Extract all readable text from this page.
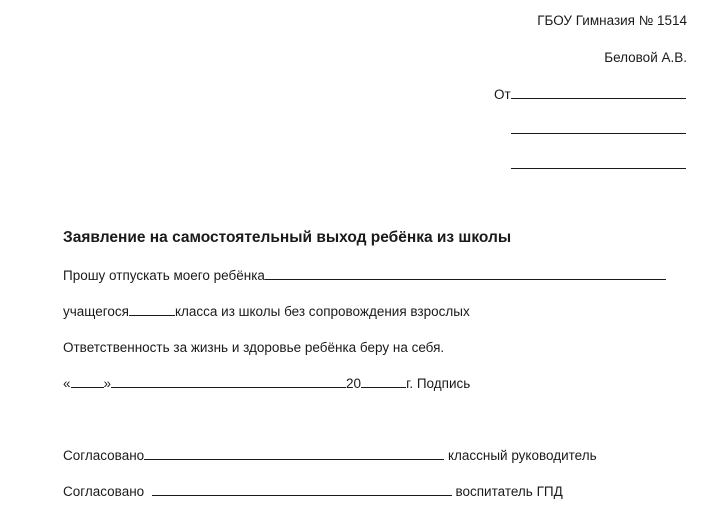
ГБОУ Гимназия № 1514
Беловой А.В.
От
Заявление на самостоятельный выход ребёнка из школы
Прошу отпускать моего ребёнка
учащегося	класса из школы без сопровождения взрослых
Ответственность за жизнь и здоровье ребёнка беру на себя.
« »	20	г. Подпись
Согласовано	классный руководитель
Согласовано	воспитатель ГПД
